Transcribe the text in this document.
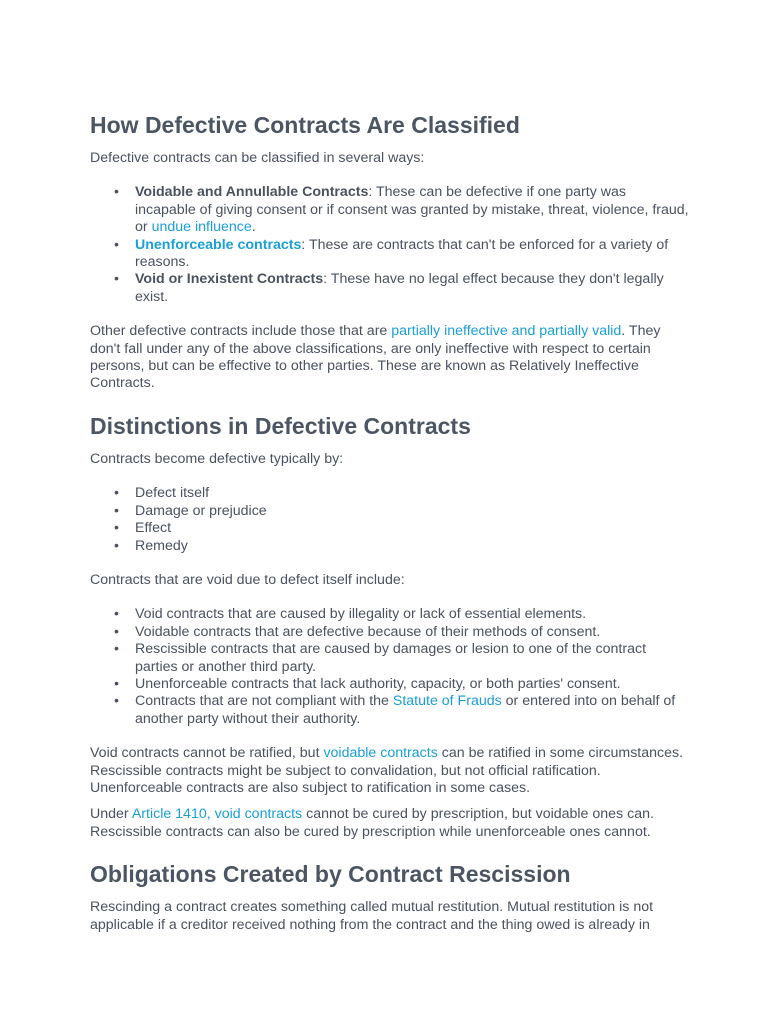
How Defective Contracts Are Classified

Defective contracts can be classified in several ways:

• Voidable and Annullable Contracts: These can be defective if one party was incapable of giving consent or if consent was granted by mistake, threat, violence, fraud, or undue influence.
• Unenforceable contracts: These are contracts that can't be enforced for a variety of reasons.
• Void or Inexistent Contracts: These have no legal effect because they don't legally exist.

Other defective contracts include those that are partially ineffective and partially valid. They don't fall under any of the above classifications, are only ineffective with respect to certain persons, but can be effective to other parties. These are known as Relatively Ineffective Contracts.

Distinctions in Defective Contracts

Contracts become defective typically by:

• Defect itself
• Damage or prejudice
• Effect
• Remedy

Contracts that are void due to defect itself include:

• Void contracts that are caused by illegality or lack of essential elements.
• Voidable contracts that are defective because of their methods of consent.
• Rescissible contracts that are caused by damages or lesion to one of the contract parties or another third party.
• Unenforceable contracts that lack authority, capacity, or both parties' consent.
• Contracts that are not compliant with the Statute of Frauds or entered into on behalf of another party without their authority.

Void contracts cannot be ratified, but voidable contracts can be ratified in some circumstances. Rescissible contracts might be subject to convalidation, but not official ratification. Unenforceable contracts are also subject to ratification in some cases.

Under Article 1410, void contracts cannot be cured by prescription, but voidable ones can. Rescissible contracts can also be cured by prescription while unenforceable ones cannot.

Obligations Created by Contract Rescission

Rescinding a contract creates something called mutual restitution. Mutual restitution is not applicable if a creditor received nothing from the contract and the thing owed is already in
